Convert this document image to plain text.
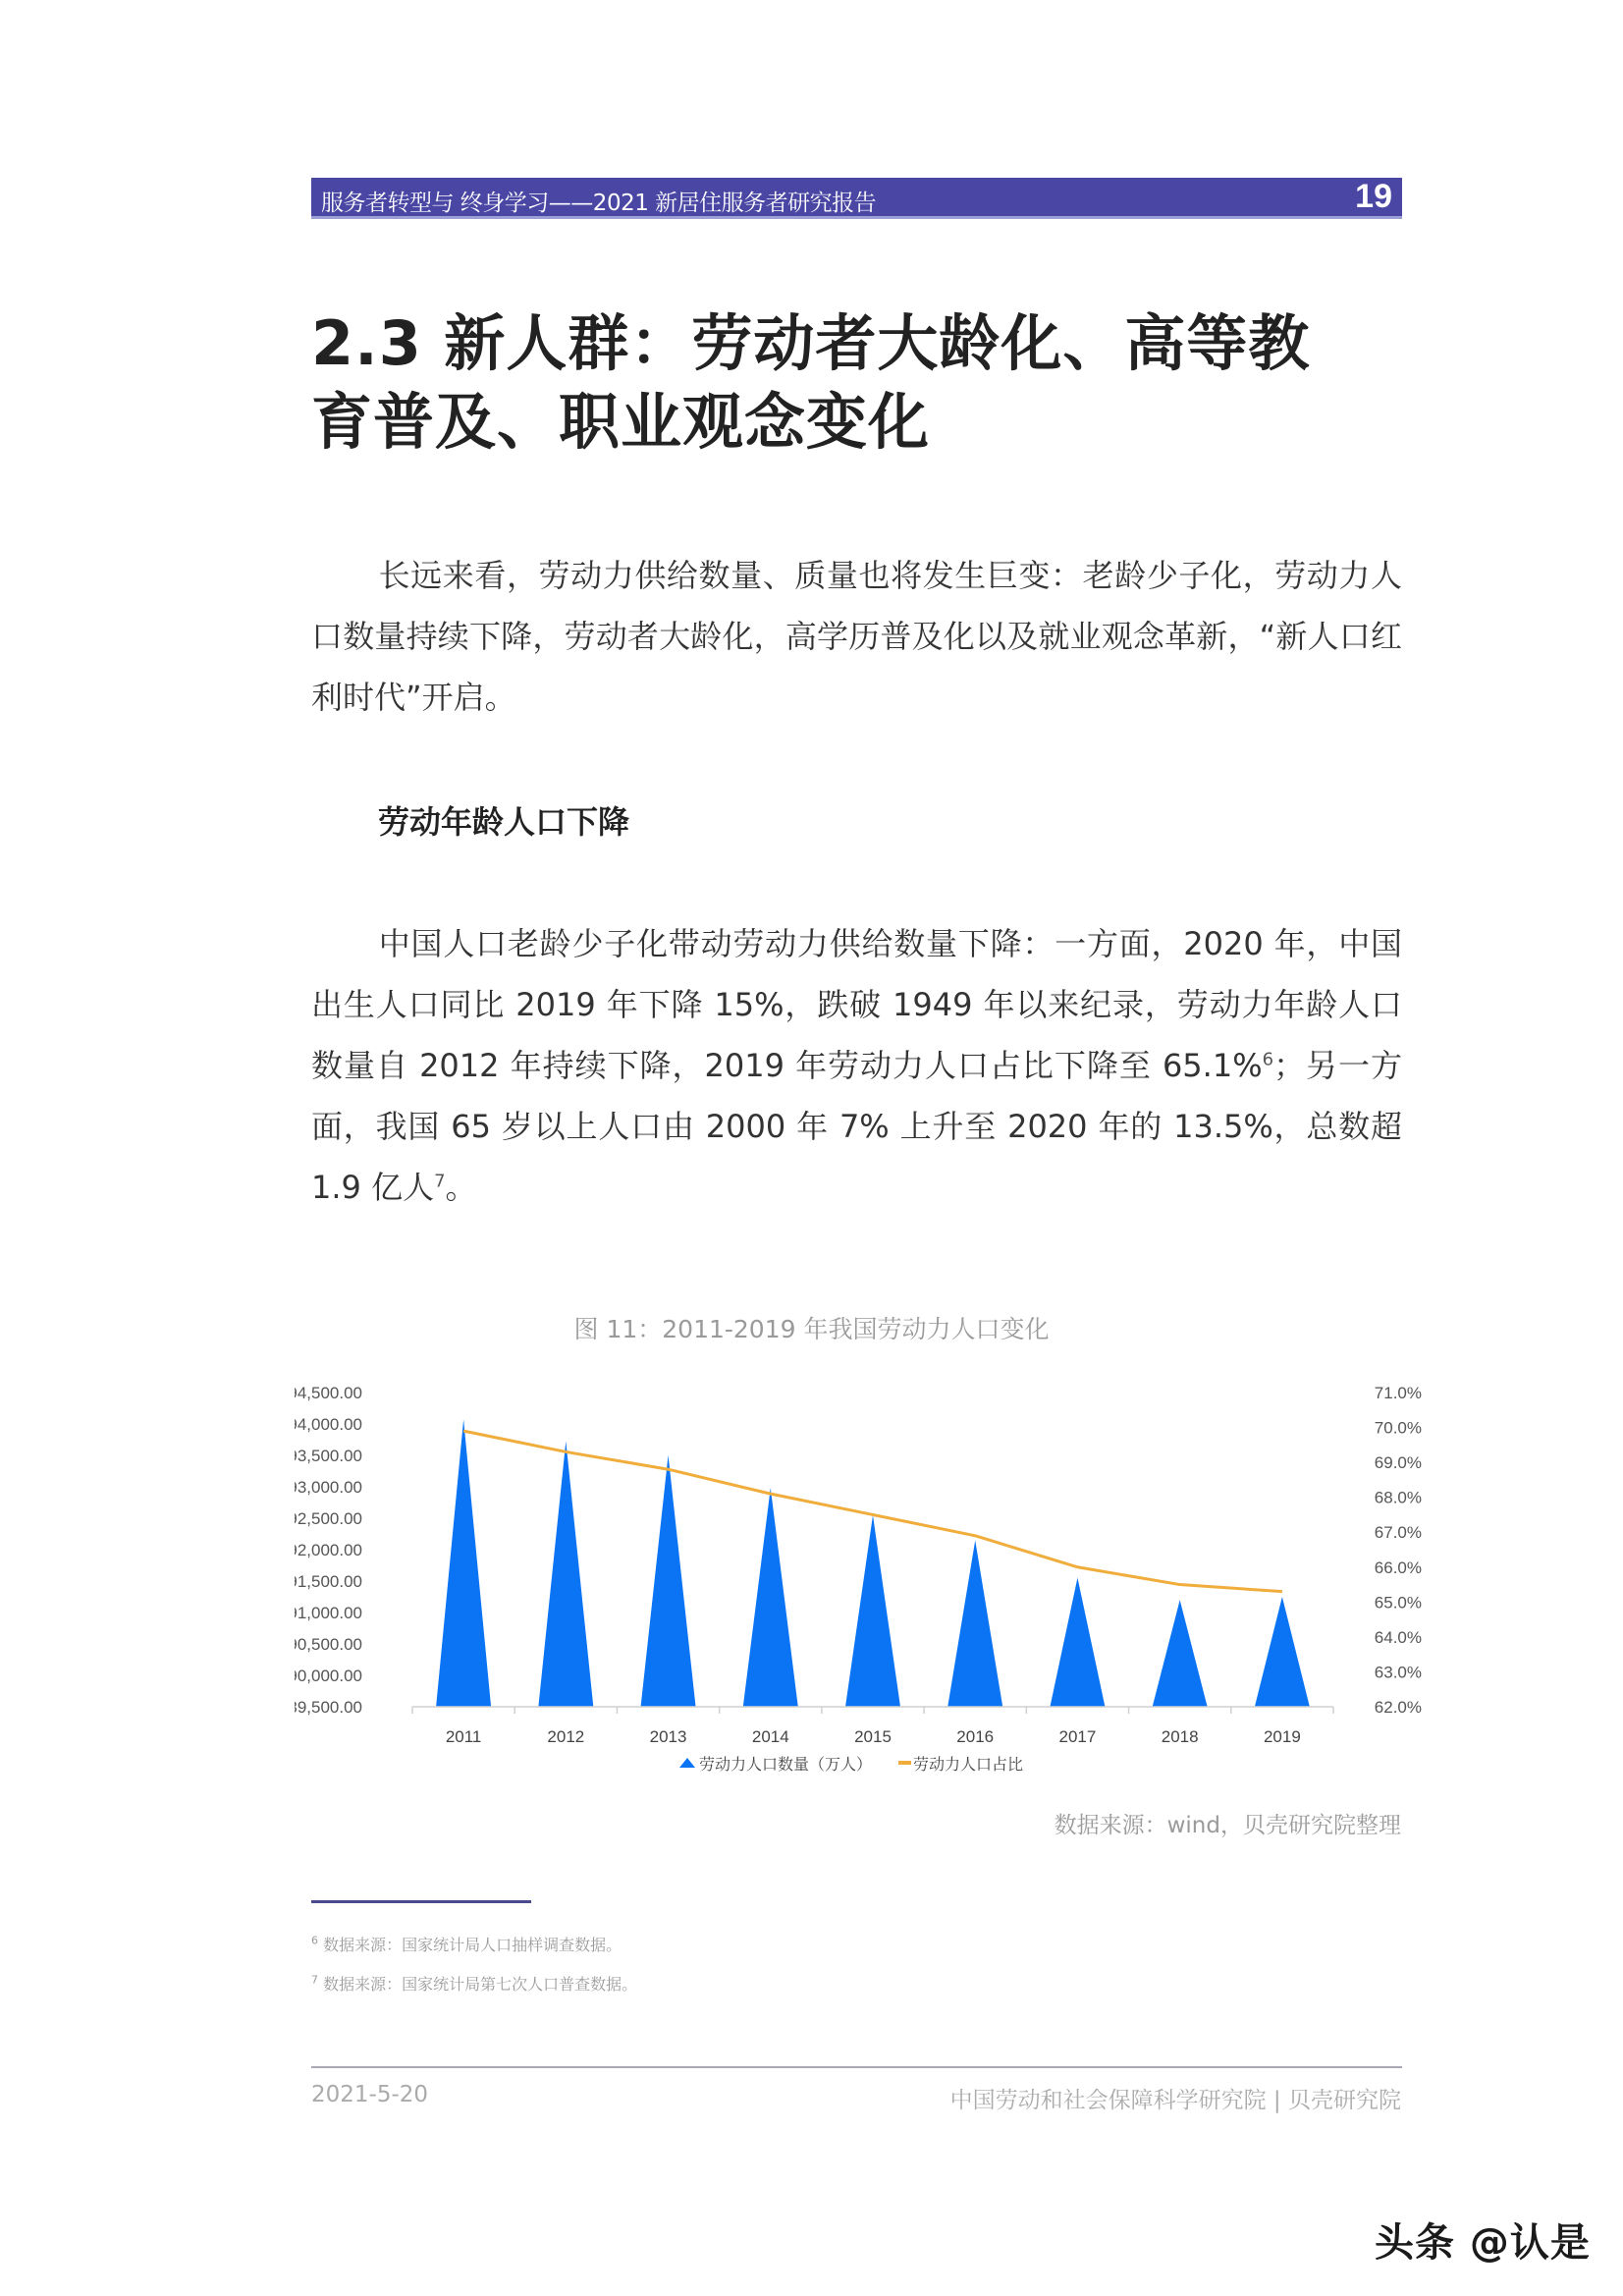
服务者转型与 终身学习——2021 新居住服务者研究报告	19
2.3 新人群：劳动者大龄化、高等教
育普及、职业观念变化
长远来看，劳动力供给数量、质量也将发生巨变：老龄少子化，劳动力人口数量持续下降，劳动者大龄化，高学历普及化以及就业观念革新，“新人口红利时代”开启。
劳动年龄人口下降
中国人口老龄少子化带动劳动力供给数量下降：一方面，2020 年，中国出生人口同比 2019 年下降 15%，跌破 1949 年以来纪录，劳动力年龄人口数量自 2012 年持续下降，2019 年劳动力人口占比下降至 65.1%$^6$；另一方面，我国 65 岁以上人口由 2000 年 7% 上升至 2020 年的 13.5%，总数超 1.9 亿人$^7$。
图 11：2011-2019 年我国劳动力人口变化
94,500.00
94,000.00
93,500.00
93,000.00
92,500.00
92,000.00
91,500.00
91,000.00
90,500.00
90,000.00
89,500.00
71.0%
70.0%
69.0%
68.0%
67.0%
66.0%
65.0%
64.0%
63.0%
62.0%
2011	2012	2013	2014	2015	2016	2017	2018	2019
劳动力人口数量（万人）	劳动力人口占比
数据来源：wind，贝壳研究院整理
$^6$ 数据来源：国家统计局人口抽样调查数据。
$^7$ 数据来源：国家统计局第七次人口普查数据。
2021-5-20	中国劳动和社会保障科学研究院 | 贝壳研究院
头条 @认是
